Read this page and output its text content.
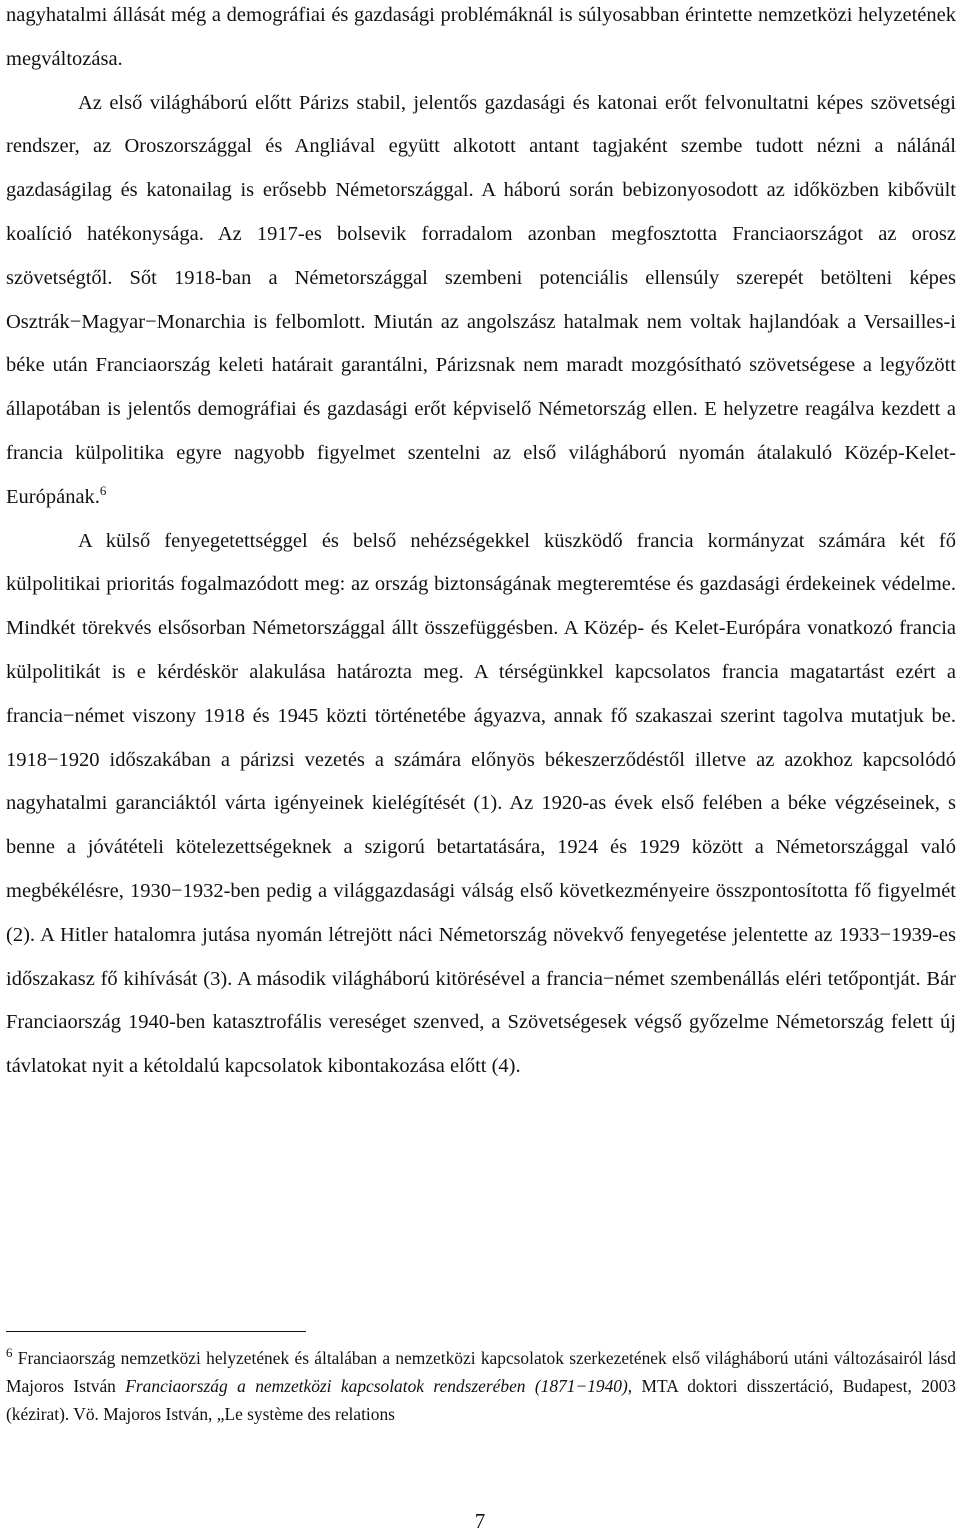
nagyhatalmi állását még a demográfiai és gazdasági problémáknál is súlyosabban érintette nemzetközi helyzetének megváltozása.

Az első világháború előtt Párizs stabil, jelentős gazdasági és katonai erőt felvonultatni képes szövetségi rendszer, az Oroszországgal és Angliával együtt alkotott antant tagjaként szembe tudott nézni a nálánál gazdaságilag és katonailag is erősebb Németországgal. A háború során bebizonyosodott az időközben kibővült koalíció hatékonysága. Az 1917-es bolsevik forradalom azonban megfosztotta Franciaországot az orosz szövetségtől. Sőt 1918-ban a Németországgal szembeni potenciális ellensúly szerepét betölteni képes Osztrák−Magyar−Monarchia is felbomlott. Miután az angolszász hatalmak nem voltak hajlandóak a Versailles-i béke után Franciaország keleti határait garantálni, Párizsnak nem maradt mozgósítható szövetségese a legyőzött állapotában is jelentős demográfiai és gazdasági erőt képviselő Németország ellen. E helyzetre reagálva kezdett a francia külpolitika egyre nagyobb figyelmet szentelni az első világháború nyomán átalakuló Közép-Kelet-Európának.$^6$

A külső fenyegetettséggel és belső nehézségekkel küszködő francia kormányzat számára két fő külpolitikai prioritás fogalmazódott meg: az ország biztonságának megteremtése és gazdasági érdekeinek védelme. Mindkét törekvés elsősorban Németországgal állt összefüggésben. A Közép- és Kelet-Európára vonatkozó francia külpolitikát is e kérdéskör alakulása határozta meg. A térségünkkel kapcsolatos francia magatartást ezért a francia−német viszony 1918 és 1945 közti történetébe ágyazva, annak fő szakaszai szerint tagolva mutatjuk be. 1918−1920 időszakában a párizsi vezetés a számára előnyös békeszerződéstől illetve az azokhoz kapcsolódó nagyhatalmi garanciáktól várta igényeinek kielégítését (1). Az 1920-as évek első felében a béke végzéseinek, s benne a jóvátételi kötelezettségeknek a szigorú betartatására, 1924 és 1929 között a Németországgal való megbékélésre, 1930−1932-ben pedig a világgazdasági válság első következményeire összpontosította fő figyelmét (2). A Hitler hatalomra jutása nyomán létrejött náci Németország növekvő fenyegetése jelentette az 1933−1939-es időszakasz fő kihívását (3). A második világháború kitörésével a francia−német szembenállás eléri tetőpontját. Bár Franciaország 1940-ben katasztrofális vereséget szenved, a Szövetségesek végső győzelme Németország felett új távlatokat nyit a kétoldalú kapcsolatok kibontakozása előtt (4).

$^6$ Franciaország nemzetközi helyzetének és általában a nemzetközi kapcsolatok szerkezetének első világháború utáni változásairól lásd Majoros István Franciaország a nemzetközi kapcsolatok rendszerében (1871−1940), MTA doktori disszertáció, Budapest, 2003 (kézirat). Vö. Majoros István, „Le système des relations
7
